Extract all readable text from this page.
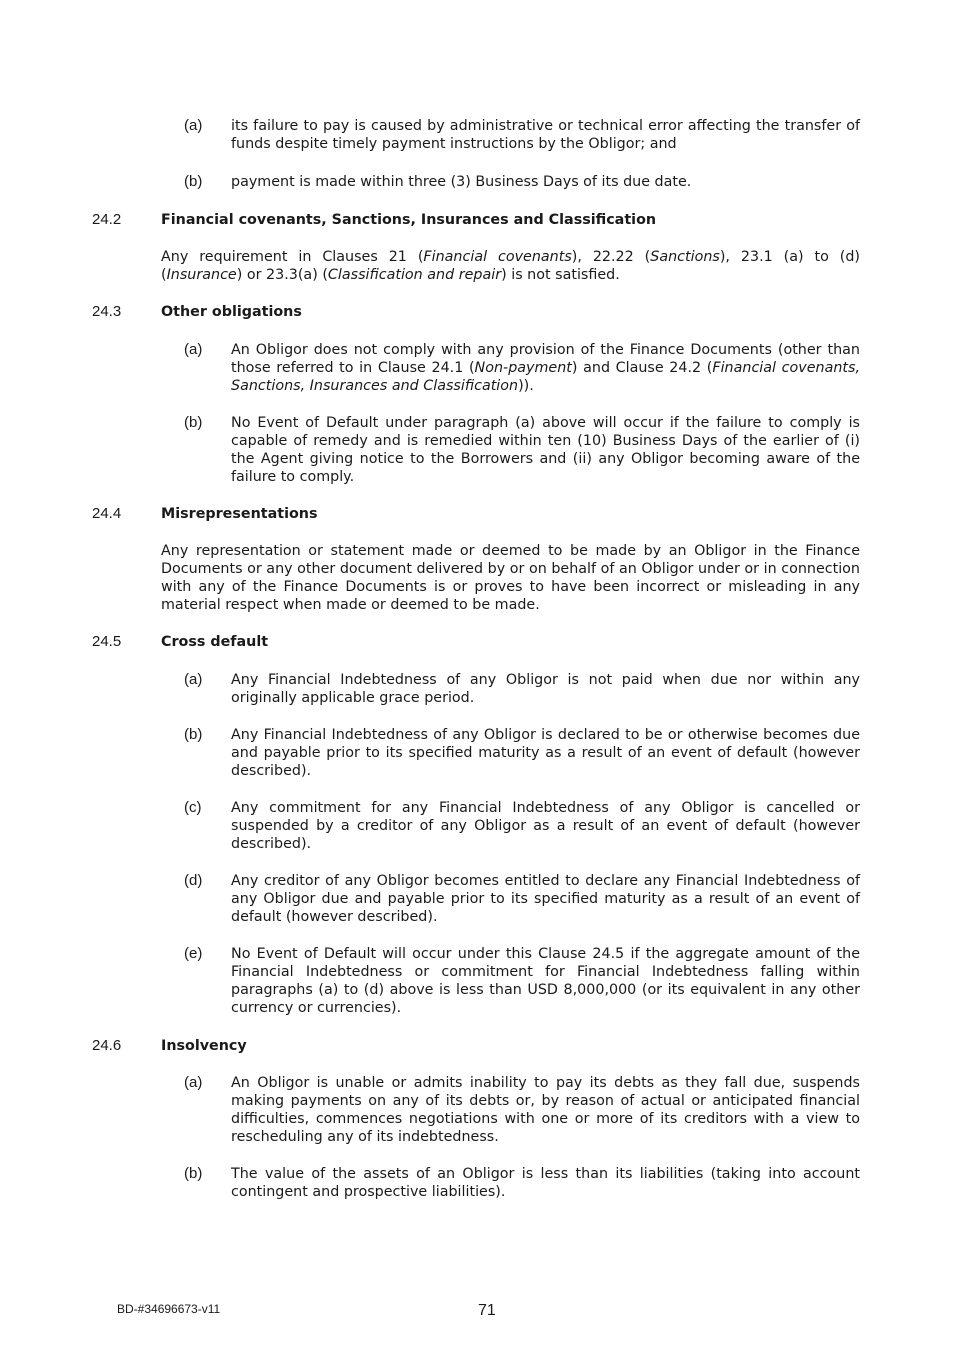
(a) its failure to pay is caused by administrative or technical error affecting the transfer of funds despite timely payment instructions by the Obligor; and
(b) payment is made within three (3) Business Days of its due date.
24.2	Financial covenants, Sanctions, Insurances and Classification
Any requirement in Clauses 21 (Financial covenants), 22.22 (Sanctions), 23.1 (a) to (d) (Insurance) or 23.3(a) (Classification and repair) is not satisfied.
24.3	Other obligations
(a) An Obligor does not comply with any provision of the Finance Documents (other than those referred to in Clause 24.1 (Non-payment) and Clause 24.2 (Financial covenants, Sanctions, Insurances and Classification)).
(b) No Event of Default under paragraph (a) above will occur if the failure to comply is capable of remedy and is remedied within ten (10) Business Days of the earlier of (i) the Agent giving notice to the Borrowers and (ii) any Obligor becoming aware of the failure to comply.
24.4	Misrepresentations
Any representation or statement made or deemed to be made by an Obligor in the Finance Documents or any other document delivered by or on behalf of an Obligor under or in connection with any of the Finance Documents is or proves to have been incorrect or misleading in any material respect when made or deemed to be made.
24.5	Cross default
(a) Any Financial Indebtedness of any Obligor is not paid when due nor within any originally applicable grace period.
(b) Any Financial Indebtedness of any Obligor is declared to be or otherwise becomes due and payable prior to its specified maturity as a result of an event of default (however described).
(c) Any commitment for any Financial Indebtedness of any Obligor is cancelled or suspended by a creditor of any Obligor as a result of an event of default (however described).
(d) Any creditor of any Obligor becomes entitled to declare any Financial Indebtedness of any Obligor due and payable prior to its specified maturity as a result of an event of default (however described).
(e) No Event of Default will occur under this Clause 24.5 if the aggregate amount of the Financial Indebtedness or commitment for Financial Indebtedness falling within paragraphs (a) to (d) above is less than USD 8,000,000 (or its equivalent in any other currency or currencies).
24.6	Insolvency
(a) An Obligor is unable or admits inability to pay its debts as they fall due, suspends making payments on any of its debts or, by reason of actual or anticipated financial difficulties, commences negotiations with one or more of its creditors with a view to rescheduling any of its indebtedness.
(b) The value of the assets of an Obligor is less than its liabilities (taking into account contingent and prospective liabilities).
BD-#34696673-v11	71
